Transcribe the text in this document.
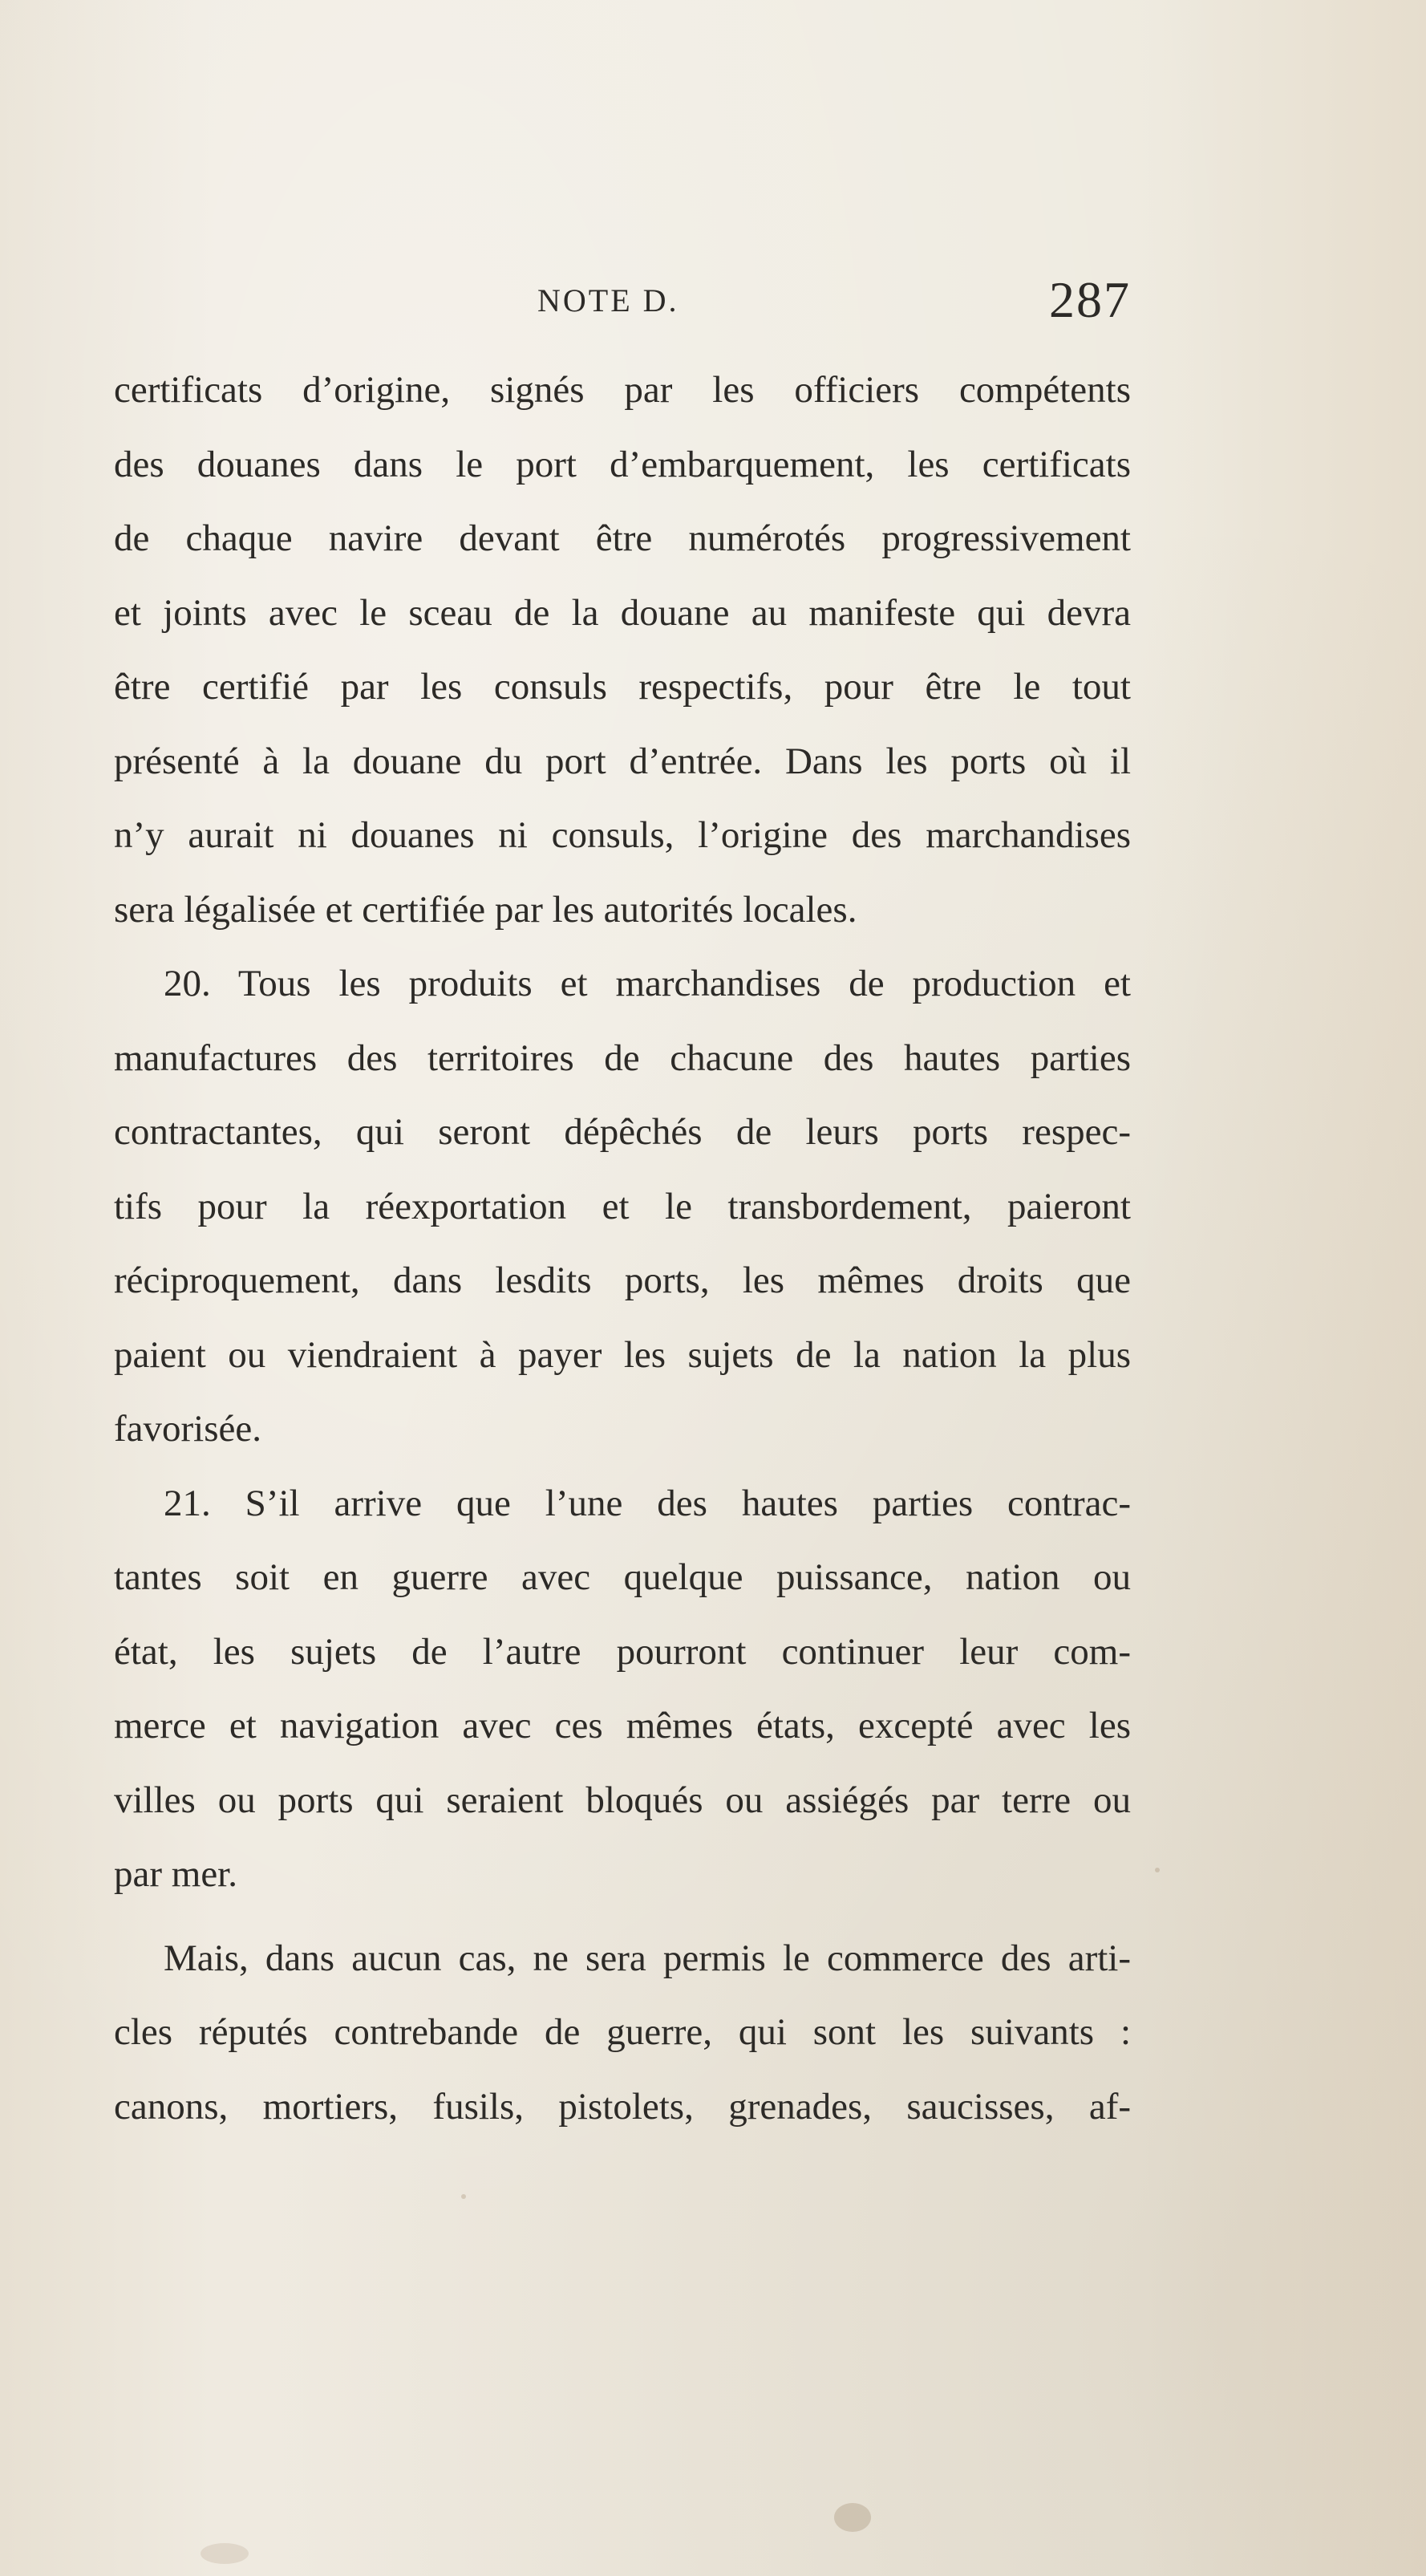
NOTE D.	287
certificats d’origine, signés par les officiers compétents
des douanes dans le port d’embarquement, les certificats
de chaque navire devant être numérotés progressivement
et joints avec le sceau de la douane au manifeste qui devra
être certifié par les consuls respectifs, pour être le tout
présenté à la douane du port d’entrée. Dans les ports où il
n’y aurait ni douanes ni consuls, l’origine des marchandises
sera légalisée et certifiée par les autorités locales.
20. Tous les produits et marchandises de production et
manufactures des territoires de chacune des hautes parties
contractantes, qui seront dépêchés de leurs ports respec-
tifs pour la réexportation et le transbordement, paieront
réciproquement, dans lesdits ports, les mêmes droits que
paient ou viendraient à payer les sujets de la nation la plus
favorisée.
21. S’il arrive que l’une des hautes parties contrac-
tantes soit en guerre avec quelque puissance, nation ou
état, les sujets de l’autre pourront continuer leur com-
merce et navigation avec ces mêmes états, excepté avec les
villes ou ports qui seraient bloqués ou assiégés par terre ou
par mer.
Mais, dans aucun cas, ne sera permis le commerce des arti-
cles réputés contrebande de guerre, qui sont les suivants :
canons, mortiers, fusils, pistolets, grenades, saucisses, af-
